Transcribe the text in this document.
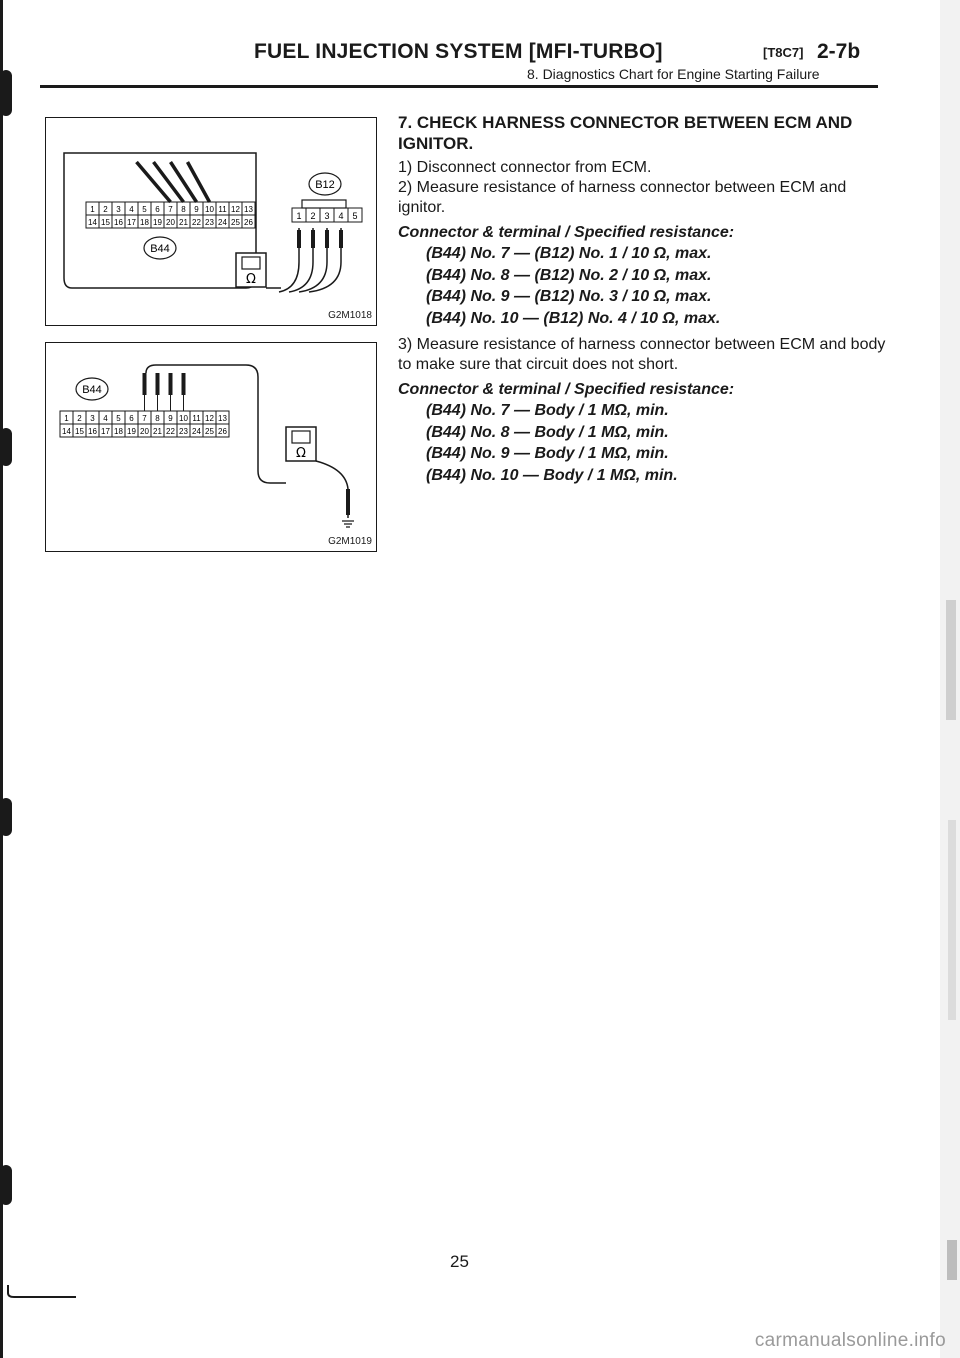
FUEL INJECTION SYSTEM [MFI-TURBO]	[T8C7] 2-7b
8. Diagnostics Chart for Engine Starting Failure
1 2 3 4 5 6 7 8 9 10 11 12 13
14 15 16 17 18 19 20 21 22 23 24 25 26
B44
Ω
1 2 3 4 5
B12
G2M1018
1 2 3 4 5 6 7 8 9 10 11 12 13
14 15 16 17 18 19 20 21 22 23 24 25 26
B44
Ω
G2M1019
7. CHECK HARNESS CONNECTOR BETWEEN ECM AND IGNITOR.

1) Disconnect connector from ECM.

2) Measure resistance of harness connector between ECM and ignitor.

Connector & terminal / Specified resistance:

(B44) No. 7 — (B12) No. 1 / 10 Ω, max.

(B44) No. 8 — (B12) No. 2 / 10 Ω, max.

(B44) No. 9 — (B12) No. 3 / 10 Ω, max.

(B44) No. 10 — (B12) No. 4 / 10 Ω, max.

3) Measure resistance of harness connector between ECM and body to make sure that circuit does not short.

Connector & terminal / Specified resistance:

(B44) No. 7 — Body / 1 MΩ, min.

(B44) No. 8 — Body / 1 MΩ, min.

(B44) No. 9 — Body / 1 MΩ, min.

(B44) No. 10 — Body / 1 MΩ, min.

25
carmanualsonline.info
